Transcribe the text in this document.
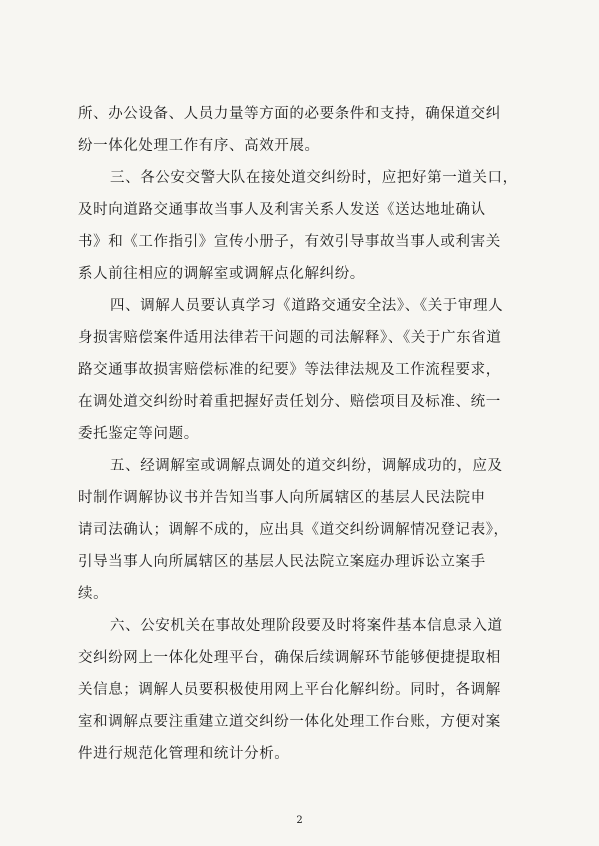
所、办公设备、人员力量等方面的必要条件和支持，确保道交纠
纷一体化处理工作有序、高效开展。
三、各公安交警大队在接处道交纠纷时，应把好第一道关口，
及时向道路交通事故当事人及利害关系人发送《送达地址确认
书》和《工作指引》宣传小册子，有效引导事故当事人或利害关
系人前往相应的调解室或调解点化解纠纷。
四、调解人员要认真学习《道路交通安全法》、《关于审理人
身损害赔偿案件适用法律若干问题的司法解释》、《关于广东省道
路交通事故损害赔偿标准的纪要》等法律法规及工作流程要求，
在调处道交纠纷时着重把握好责任划分、赔偿项目及标准、统一
委托鉴定等问题。
五、经调解室或调解点调处的道交纠纷，调解成功的，应及
时制作调解协议书并告知当事人向所属辖区的基层人民法院申
请司法确认；调解不成的，应出具《道交纠纷调解情况登记表》，
引导当事人向所属辖区的基层人民法院立案庭办理诉讼立案手
续。
六、公安机关在事故处理阶段要及时将案件基本信息录入道
交纠纷网上一体化处理平台，确保后续调解环节能够便捷提取相
关信息；调解人员要积极使用网上平台化解纠纷。同时，各调解
室和调解点要注重建立道交纠纷一体化处理工作台账，方便对案
件进行规范化管理和统计分析。
2
